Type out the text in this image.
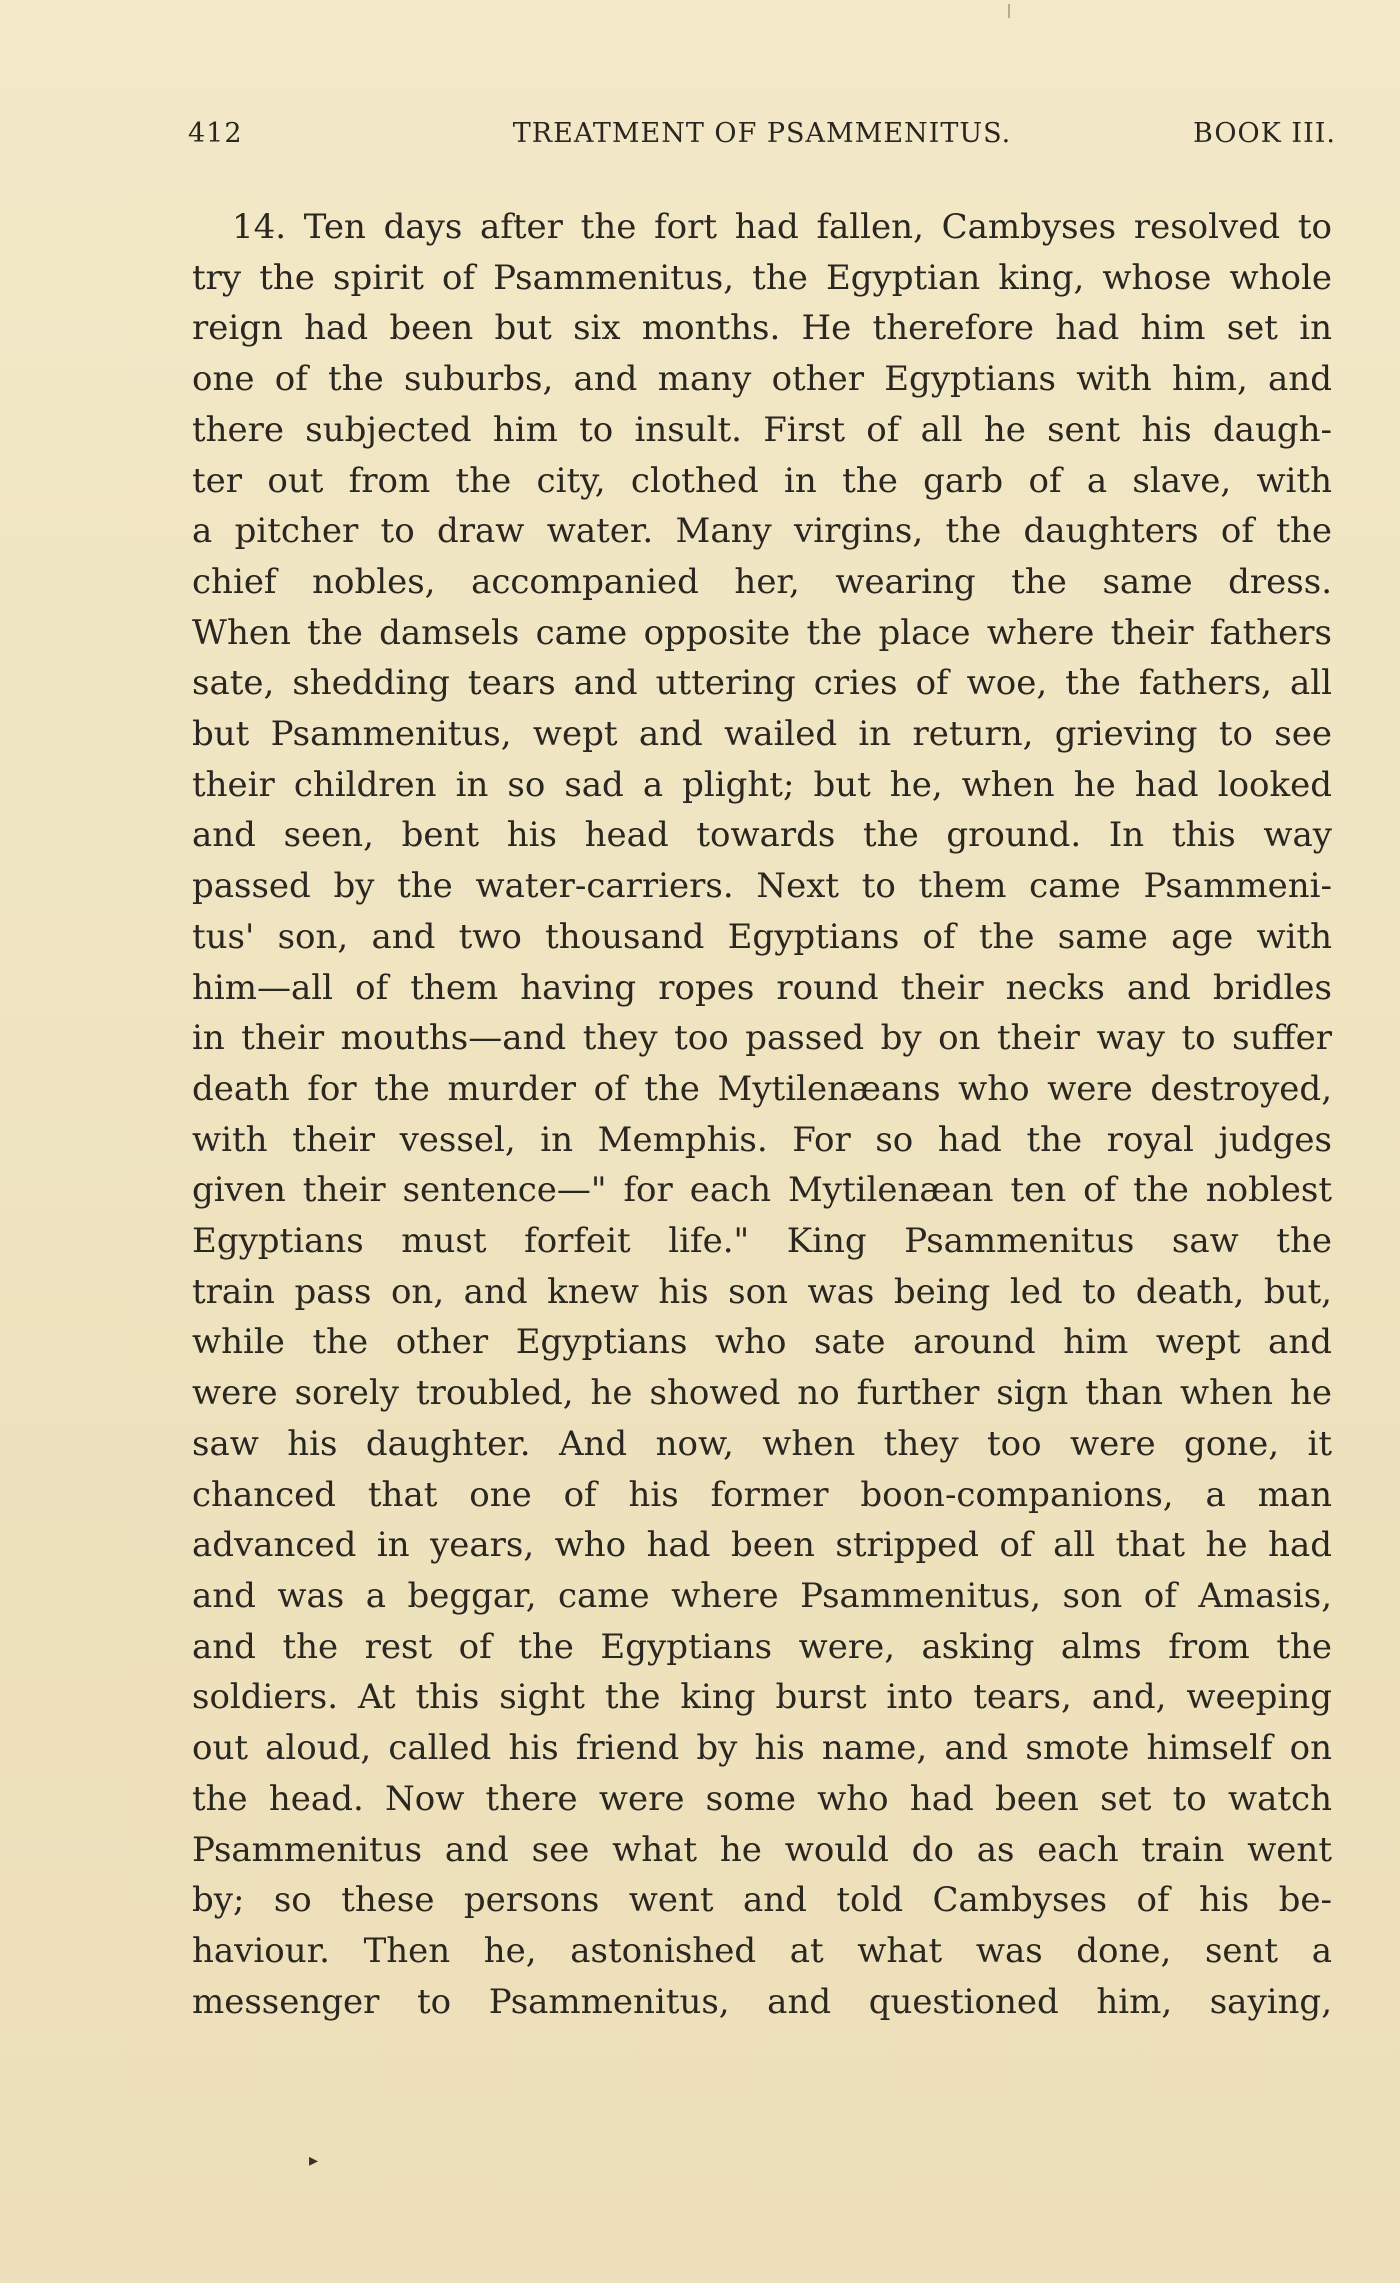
412	TREATMENT OF PSAMMENITUS.	BOOK III.
14. Ten days after the fort had fallen, Cambyses resolved to
try the spirit of Psammenitus, the Egyptian king, whose whole
reign had been but six months. He therefore had him set in
one of the suburbs, and many other Egyptians with him, and
there subjected him to insult. First of all he sent his daugh-
ter out from the city, clothed in the garb of a slave, with
a pitcher to draw water. Many virgins, the daughters of the
chief nobles, accompanied her, wearing the same dress.
When the damsels came opposite the place where their fathers
sate, shedding tears and uttering cries of woe, the fathers, all
but Psammenitus, wept and wailed in return, grieving to see
their children in so sad a plight; but he, when he had looked
and seen, bent his head towards the ground. In this way
passed by the water-carriers. Next to them came Psammeni-
tus' son, and two thousand Egyptians of the same age with
him—all of them having ropes round their necks and bridles
in their mouths—and they too passed by on their way to suffer
death for the murder of the Mytilenæans who were destroyed,
with their vessel, in Memphis. For so had the royal judges
given their sentence—" for each Mytilenæan ten of the noblest
Egyptians must forfeit life." King Psammenitus saw the
train pass on, and knew his son was being led to death, but,
while the other Egyptians who sate around him wept and
were sorely troubled, he showed no further sign than when he
saw his daughter. And now, when they too were gone, it
chanced that one of his former boon-companions, a man
advanced in years, who had been stripped of all that he had
and was a beggar, came where Psammenitus, son of Amasis,
and the rest of the Egyptians were, asking alms from the
soldiers. At this sight the king burst into tears, and, weeping
out aloud, called his friend by his name, and smote himself on
the head. Now there were some who had been set to watch
Psammenitus and see what he would do as each train went
by; so these persons went and told Cambyses of his be-
haviour. Then he, astonished at what was done, sent a
messenger to Psammenitus, and questioned him, saying,
▸
